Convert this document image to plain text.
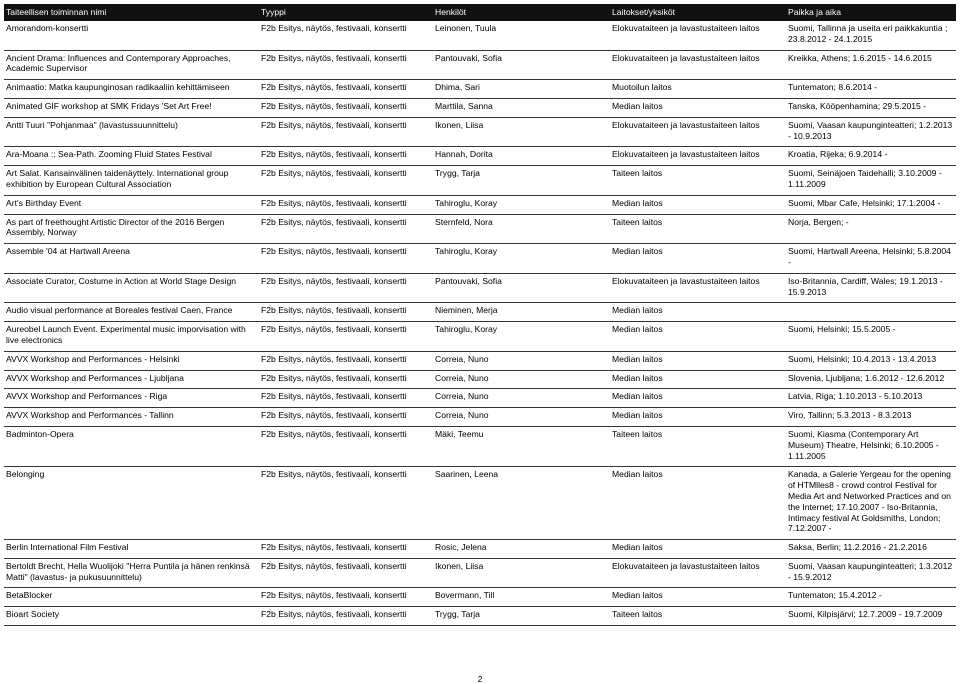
Taiteellisen toiminnan nimi	Tyyppi	Henkilöt	Laitokset/yksiköt	Paikka ja aika
Amorandom-konsertti	F2b Esitys, näytös, festivaali, konsertti	Leinonen, Tuula	Elokuvataiteen ja lavastustaiteen laitos	Suomi, Tallinna ja useita eri paikkakuntia ; 23.8.2012 - 24.1.2015
Ancient Drama: Influences and Contemporary Approaches, Academic Supervisor	F2b Esitys, näytös, festivaali, konsertti	Pantouvaki, Sofia	Elokuvataiteen ja lavastustaiteen laitos	Kreikka, Athens; 1.6.2015 - 14.6.2015
Animaatio: Matka kaupunginosan radikaaliin kehittämiseen	F2b Esitys, näytös, festivaali, konsertti	Dhima, Sari	Muotoilun laitos	Tuntematon; 8.6.2014 -
Animated GIF workshop at SMK Fridays 'Set Art Free!	F2b Esitys, näytös, festivaali, konsertti	Marttila, Sanna	Median laitos	Tanska, Kööpenhamina; 29.5.2015 -
Antti Tuuri "Pohjanmaa" (lavastussuunnittelu)	F2b Esitys, näytös, festivaali, konsertti	Ikonen, Liisa	Elokuvataiteen ja lavastustaiteen laitos	Suomi, Vaasan kaupunginteatteri; 1.2.2013 - 10.9.2013
Ara-Moana :: Sea-Path. Zooming Fluid States Festival	F2b Esitys, näytös, festivaali, konsertti	Hannah, Dorita	Elokuvataiteen ja lavastustaiteen laitos	Kroatia, Rijeka; 6.9.2014 -
Art Salat. Kansainvälinen taidenäyttely. International group exhibition by European Cultural Association	F2b Esitys, näytös, festivaali, konsertti	Trygg, Tarja	Taiteen laitos	Suomi, Seinäjoen Taidehalli; 3.10.2009 - 1.11.2009
Art's Birthday Event	F2b Esitys, näytös, festivaali, konsertti	Tahiroglu, Koray	Median laitos	Suomi, Mbar Cafe, Helsinki; 17.1.2004 -
As part of freethought Artistic Director of the 2016 Bergen Assembly, Norway	F2b Esitys, näytös, festivaali, konsertti	Sternfeld, Nora	Taiteen laitos	Norja, Bergen; -
Assemble '04 at Hartwall Areena	F2b Esitys, näytös, festivaali, konsertti	Tahiroglu, Koray	Median laitos	Suomi, Hartwall Areena, Helsinki; 5.8.2004 -
Associate Curator, Costume in Action at World Stage Design	F2b Esitys, näytös, festivaali, konsertti	Pantouvaki, Sofia	Elokuvataiteen ja lavastustaiteen laitos	Iso-Britannia, Cardiff, Wales; 19.1.2013 - 15.9.2013
Audio visual performance at Boreales festival Caen, France	F2b Esitys, näytös, festivaali, konsertti	Nieminen, Merja	Median laitos	
Aureobel Launch Event. Experimental music imporvisation with live electronics	F2b Esitys, näytös, festivaali, konsertti	Tahiroglu, Koray	Median laitos	Suomi, Helsinki; 15.5.2005 -
AVVX Workshop and Performances - Helsinki	F2b Esitys, näytös, festivaali, konsertti	Correia, Nuno	Median laitos	Suomi, Helsinki; 10.4.2013 - 13.4.2013
AVVX Workshop and Performances - Ljubljana	F2b Esitys, näytös, festivaali, konsertti	Correia, Nuno	Median laitos	Slovenia, Ljubljana; 1.6.2012 - 12.6.2012
AVVX Workshop and Performances - Riga	F2b Esitys, näytös, festivaali, konsertti	Correia, Nuno	Median laitos	Latvia, Riga; 1.10.2013 - 5.10.2013
AVVX Workshop and Performances - Tallinn	F2b Esitys, näytös, festivaali, konsertti	Correia, Nuno	Median laitos	Viro, Tallinn; 5.3.2013 - 8.3.2013
Badminton-Opera	F2b Esitys, näytös, festivaali, konsertti	Mäki, Teemu	Taiteen laitos	Suomi, Kiasma (Contemporary Art Museum) Theatre, Helsinki; 6.10.2005 - 1.11.2005
Belonging	F2b Esitys, näytös, festivaali, konsertti	Saarinen, Leena	Median laitos	Kanada, a Galerie Yergeau for the opening of HTMlles8 - crowd control Festival for Media Art and Networked Practices and on the Internet; 17.10.2007 - Iso-Britannia, Intimacy festival At Goldsmiths, London; 7.12.2007 -
Berlin International Film Festival	F2b Esitys, näytös, festivaali, konsertti	Rosic, Jelena	Median laitos	Saksa, Berlin; 11.2.2016 - 21.2.2016
Bertoldt Brecht, Hella Wuolijoki "Herra Puntila ja hänen renkinsä Matti" (lavastus- ja pukusuunnittelu)	F2b Esitys, näytös, festivaali, konsertti	Ikonen, Liisa	Elokuvataiteen ja lavastustaiteen laitos	Suomi, Vaasan kaupunginteatteri; 1.3.2012 - 15.9.2012
BetaBlocker	F2b Esitys, näytös, festivaali, konsertti	Bovermann, Till	Median laitos	Tuntematon; 15.4.2012 -
Bioart Society	F2b Esitys, näytös, festivaali, konsertti	Trygg, Tarja	Taiteen laitos	Suomi, Kilpisjärvi; 12.7.2009 - 19.7.2009
2
